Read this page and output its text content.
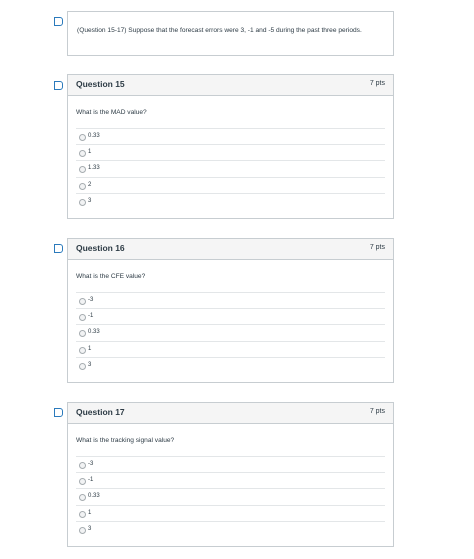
(Question 15-17) Suppose that the forecast errors were 3, -1 and -5 during the past three periods.
Question 15	7 pts
What is the MAD value?
0.33
1
1.33
2
3
Question 16	7 pts
What is the CFE value?
-3
-1
0.33
1
3
Question 17	7 pts
What is the tracking signal value?
-3
-1
0.33
1
3
